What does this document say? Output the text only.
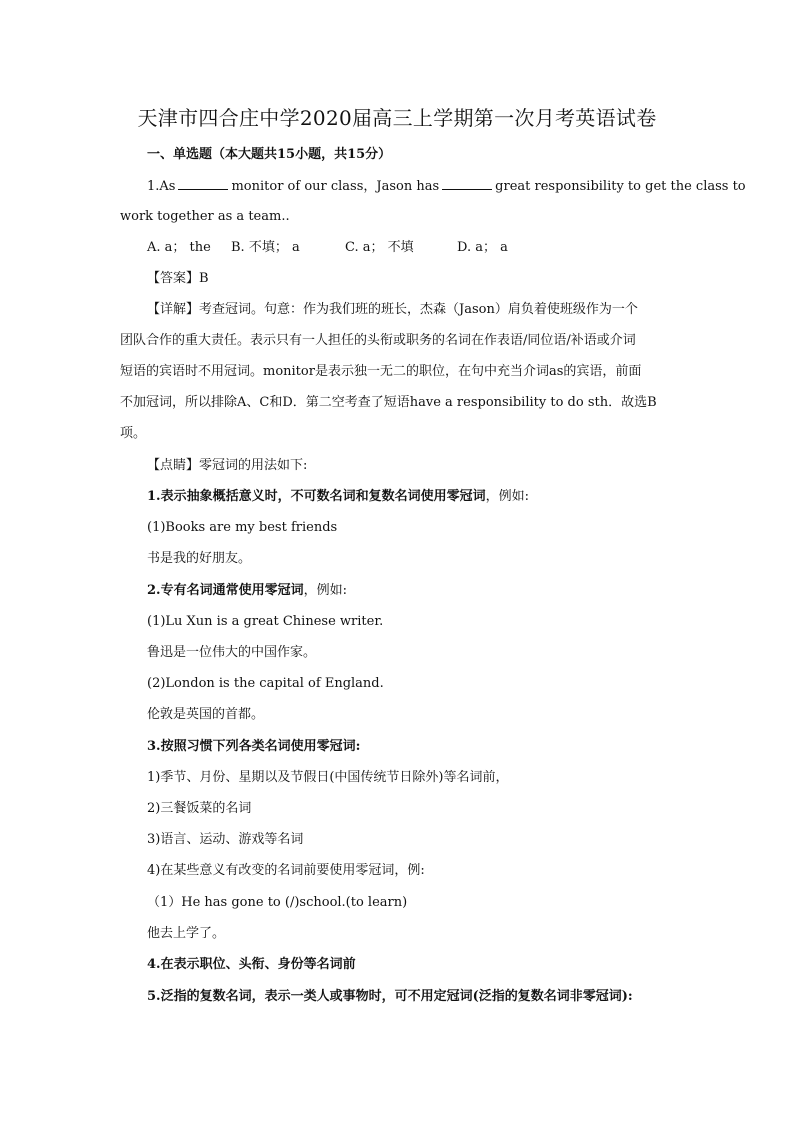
天津市四合庄中学2020届高三上学期第一次月考英语试卷
一、单选题（本大题共15小题，共15分）
1.As	monitor of our class，Jason has	great responsibility to get the class to
work together as a team..
A. a； the B. 不填； a	C. a； 不填	D. a； a
【答案】B
【详解】考查冠词。句意：作为我们班的班长，杰森（Jason）肩负着使班级作为一个
团队合作的重大责任。表示只有一人担任的头衔或职务的名词在作表语/同位语/补语或介词
短语的宾语时不用冠词。monitor是表示独一无二的职位，在句中充当介词as的宾语，前面
不加冠词，所以排除A、C和D．第二空考查了短语have a responsibility to do sth．故选B
项。
【点睛】零冠词的用法如下:
1.表示抽象概括意义时，不可数名词和复数名词使用零冠词，例如:
(1)Books are my best friends
书是我的好朋友。
2.专有名词通常使用零冠词，例如:
(1)Lu Xun is a great Chinese writer.
鲁迅是一位伟大的中国作家。
(2)London is the capital of England.
伦敦是英国的首都。
3.按照习惯下列各类名词使用零冠词:
1)季节、月份、星期以及节假日(中国传统节日除外)等名词前，
2)三餐饭菜的名词
3)语言、运动、游戏等名词
4)在某些意义有改变的名词前要使用零冠词，例:
（1）He has gone to (/)school.(to learn)
他去上学了。
4.在表示职位、头衔、身份等名词前
5.泛指的复数名词，表示一类人或事物时，可不用定冠词(泛指的复数名词非零冠词):
